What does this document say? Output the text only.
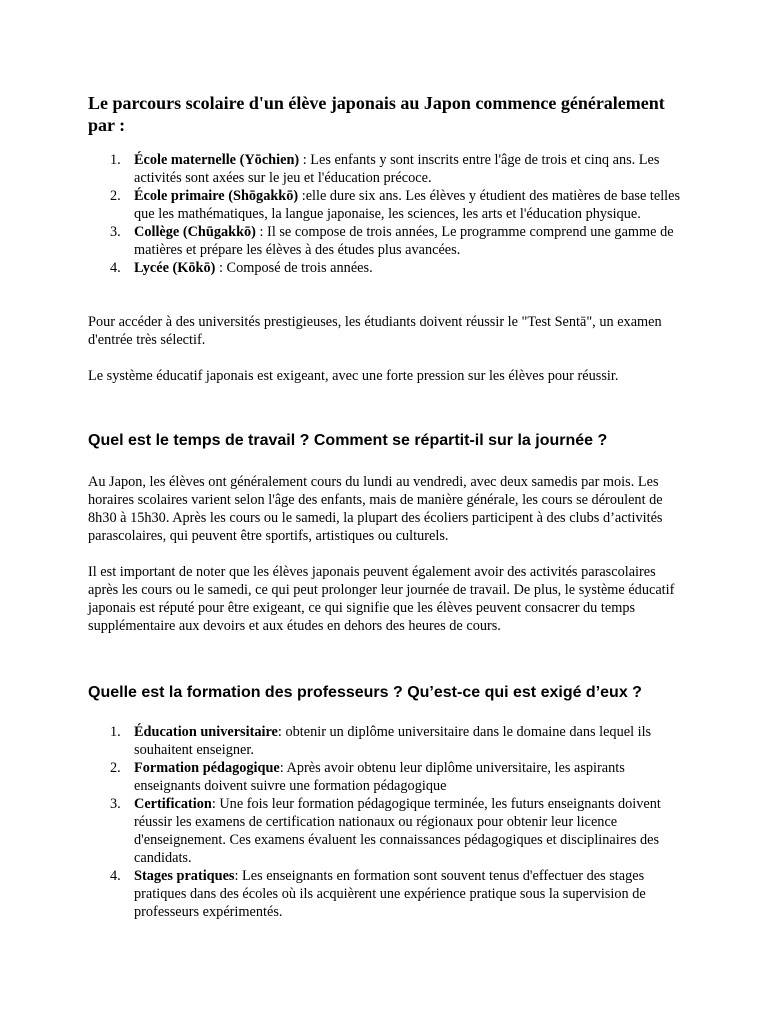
Le parcours scolaire d'un élève japonais au Japon commence généralement par :
1. École maternelle (Yōchien) : Les enfants y sont inscrits entre l'âge de trois et cinq ans. Les activités sont axées sur le jeu et l'éducation précoce.
2. École primaire (Shōgakkō) :elle dure six ans. Les élèves y étudient des matières de base telles que les mathématiques, la langue japonaise, les sciences, les arts et l'éducation physique.
3. Collège (Chūgakkō) : Il se compose de trois années, Le programme comprend une gamme de matières et prépare les élèves à des études plus avancées.
4. Lycée (Kōkō) : Composé de trois années.

Pour accéder à des universités prestigieuses, les étudiants doivent réussir le "Test Sentā", un examen d'entrée très sélectif.

Le système éducatif japonais est exigeant, avec une forte pression sur les élèves pour réussir.

Quel est le temps de travail ? Comment se répartit-il sur la journée ?

Au Japon, les élèves ont généralement cours du lundi au vendredi, avec deux samedis par mois. Les horaires scolaires varient selon l'âge des enfants, mais de manière générale, les cours se déroulent de 8h30 à 15h30. Après les cours ou le samedi, la plupart des écoliers participent à des clubs d’activités parascolaires, qui peuvent être sportifs, artistiques ou culturels.

Il est important de noter que les élèves japonais peuvent également avoir des activités parascolaires après les cours ou le samedi, ce qui peut prolonger leur journée de travail. De plus, le système éducatif japonais est réputé pour être exigeant, ce qui signifie que les élèves peuvent consacrer du temps supplémentaire aux devoirs et aux études en dehors des heures de cours.

Quelle est la formation des professeurs ? Qu’est-ce qui est exigé d’eux ?
1. Éducation universitaire: obtenir un diplôme universitaire dans le domaine dans lequel ils souhaitent enseigner.
2. Formation pédagogique: Après avoir obtenu leur diplôme universitaire, les aspirants enseignants doivent suivre une formation pédagogique
3. Certification: Une fois leur formation pédagogique terminée, les futurs enseignants doivent réussir les examens de certification nationaux ou régionaux pour obtenir leur licence d'enseignement. Ces examens évaluent les connaissances pédagogiques et disciplinaires des candidats.
4. Stages pratiques: Les enseignants en formation sont souvent tenus d'effectuer des stages pratiques dans des écoles où ils acquièrent une expérience pratique sous la supervision de professeurs expérimentés.
